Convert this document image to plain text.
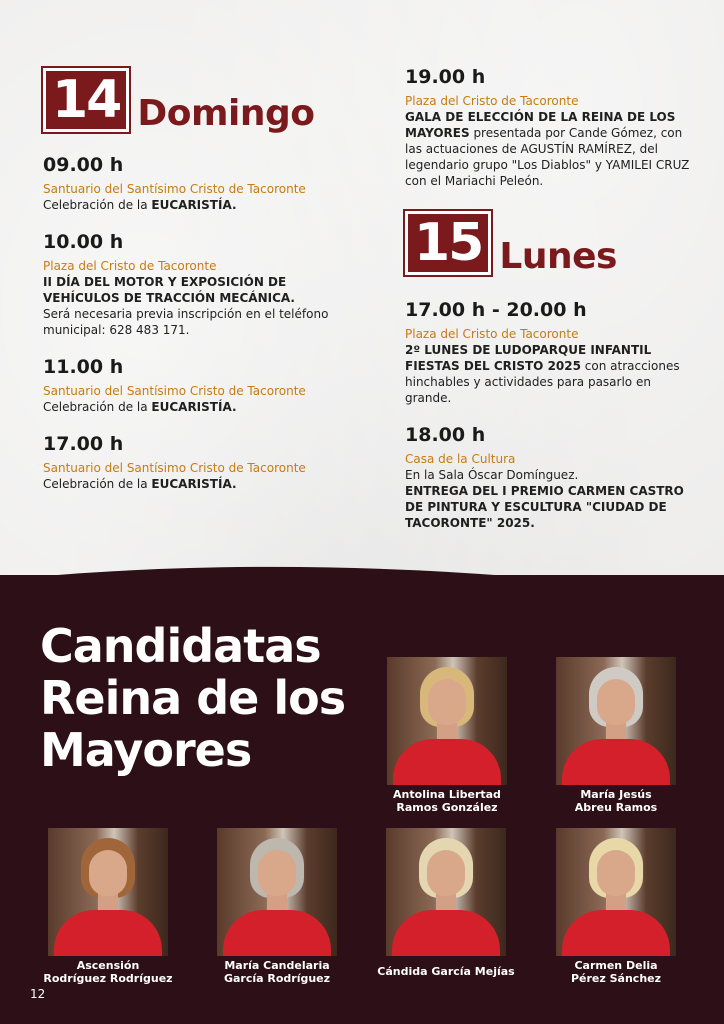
14 Domingo
09.00 h
Santuario del Santísimo Cristo de Tacoronte
Celebración de la EUCARISTÍA.
10.00 h
Plaza del Cristo de Tacoronte
II DÍA DEL MOTOR Y EXPOSICIÓN DE VEHÍCULOS DE TRACCIÓN MECÁNICA.
Será necesaria previa inscripción en el teléfono municipal: 628 483 171.
11.00 h
Santuario del Santísimo Cristo de Tacoronte
Celebración de la EUCARISTÍA.
17.00 h
Santuario del Santísimo Cristo de Tacoronte
Celebración de la EUCARISTÍA.
19.00 h
Plaza del Cristo de Tacoronte
GALA DE ELECCIÓN DE LA REINA DE LOS MAYORES presentada por Cande Gómez, con las actuaciones de AGUSTÍN RAMÍREZ, del legendario grupo "Los Diablos" y YAMILEI CRUZ con el Mariachi Peleón.
15 Lunes
17.00 h - 20.00 h
Plaza del Cristo de Tacoronte
2º LUNES DE LUDOPARQUE INFANTIL FIESTAS DEL CRISTO 2025 con atracciones hinchables y actividades para pasarlo en grande.
18.00 h
Casa de la Cultura
En la Sala Óscar Domínguez.
ENTREGA DEL I PREMIO CARMEN CASTRO DE PINTURA Y ESCULTURA "CIUDAD DE TACORONTE" 2025.
Candidatas
Reina de los
Mayores
Antolina Libertad
Ramos González
María Jesús
Abreu Ramos
Ascensión
Rodríguez Rodríguez
María Candelaria
García Rodríguez
Cándida García Mejías	Carmen Delia
Pérez Sánchez
12
